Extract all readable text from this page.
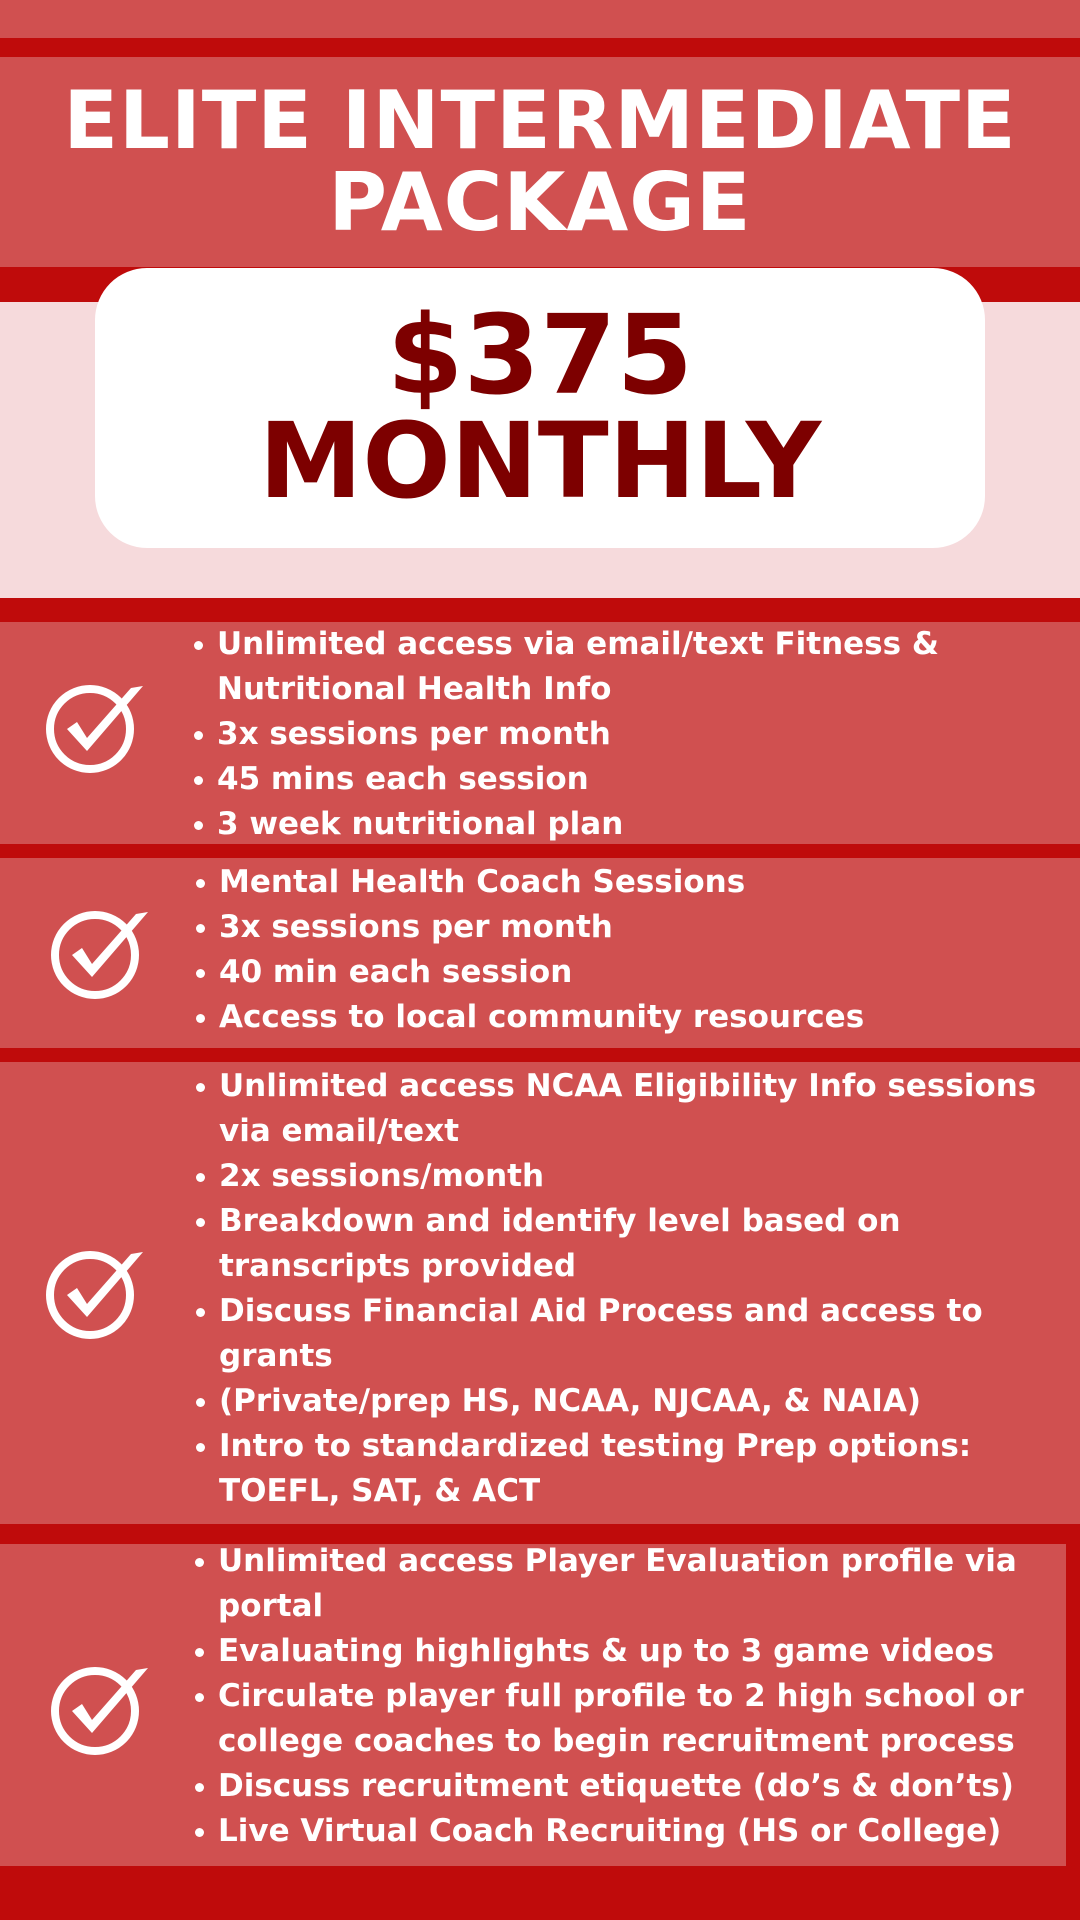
ELITE INTERMEDIATE
PACKAGE
$375
MONTHLY
Unlimited access via email/text Fitness & Nutritional Health Info
3x sessions per month
45 mins each session
3 week nutritional plan
Mental Health Coach Sessions
3x sessions per month
40 min each session
Access to local community resources
Unlimited access NCAA Eligibility Info sessions via email/text
2x sessions/month
Breakdown and identify level based on transcripts provided
Discuss Financial Aid Process and access to grants
(Private/prep HS, NCAA, NJCAA, & NAIA)
Intro to standardized testing Prep options: TOEFL, SAT, & ACT
Unlimited access Player Evaluation profile via portal
Evaluating highlights & up to 3 game videos
Circulate player full profile to 2 high school or college coaches to begin recruitment process
Discuss recruitment etiquette (do’s & don’ts)
Live Virtual Coach Recruiting (HS or College)
